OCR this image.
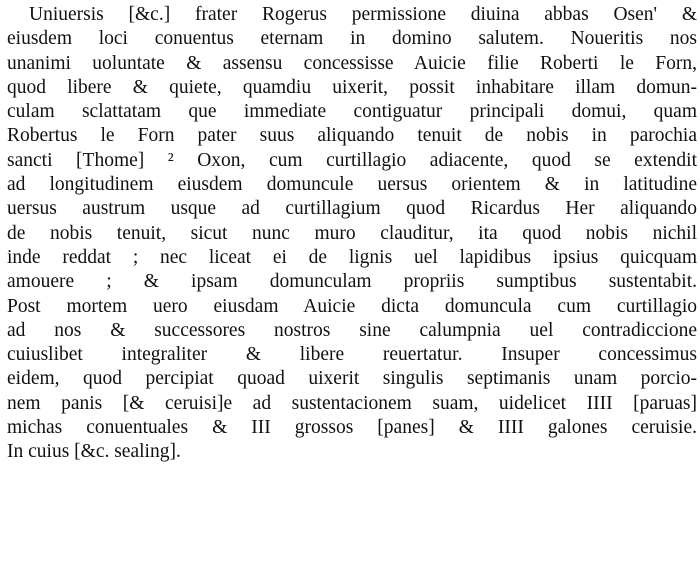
Uniuersis [&c.] frater Rogerus permissione diuina abbas Osen' &
eiusdem loci conuentus eternam in domino salutem. Noueritis nos
unanimi uoluntate & assensu concessisse Auicie filie Roberti le Forn,
quod libere & quiete, quamdiu uixerit, possit inhabitare illam domun-
culam sclattatam que immediate contiguatur principali domui, quam
Robertus le Forn pater suus aliquando tenuit de nobis in parochia
sancti [Thome] ² Oxon, cum curtillagio adiacente, quod se extendit
ad longitudinem eiusdem domuncule uersus orientem & in latitudine
uersus austrum usque ad curtillagium quod Ricardus Her aliquando
de nobis tenuit, sicut nunc muro clauditur, ita quod nobis nichil
inde reddat ; nec liceat ei de lignis uel lapidibus ipsius quicquam
amouere ; & ipsam domunculam propriis sumptibus sustentabit.
Post mortem uero eiusdam Auicie dicta domuncula cum curtillagio
ad nos & successores nostros sine calumpnia uel contradiccione
cuiuslibet integraliter & libere reuertatur. Insuper concessimus
eidem, quod percipiat quoad uixerit singulis septimanis unam porcio-
nem panis [& ceruisi]e ad sustentacionem suam, uidelicet IIII [paruas]
michas conuentuales & III grossos [panes] & IIII galones ceruisie.
In cuius [&c. sealing].
